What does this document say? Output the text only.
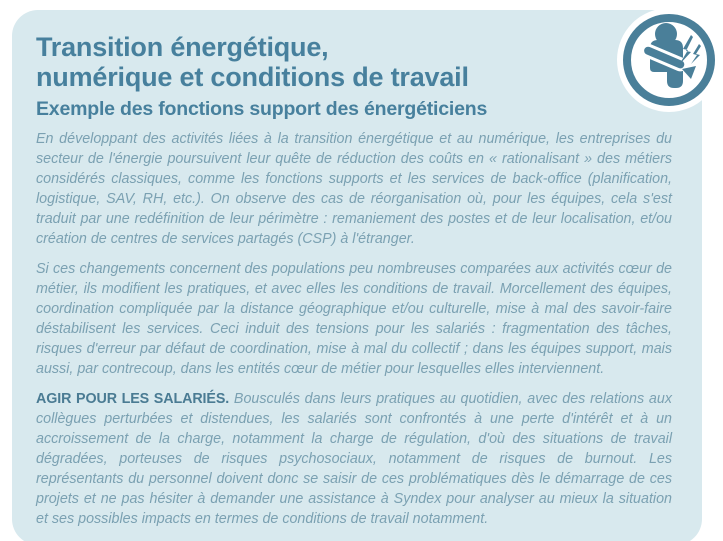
Transition énergétique,
numérique et conditions de travail
Exemple des fonctions support des énergéticiens

En développant des activités liées à la transition énergétique et au numérique, les entreprises du secteur de l'énergie poursuivent leur quête de réduction des coûts en « rationalisant » des métiers considérés classiques, comme les fonctions supports et les services de back-office (planification, logistique, SAV, RH, etc.). On observe des cas de réorganisation où, pour les équipes, cela s'est traduit par une redéfinition de leur périmètre : remaniement des postes et de leur localisation, et/ou création de centres de services partagés (CSP) à l'étranger.

Si ces changements concernent des populations peu nombreuses comparées aux activités cœur de métier, ils modifient les pratiques, et avec elles les conditions de travail. Morcellement des équipes, coordination compliquée par la distance géographique et/ou culturelle, mise à mal des savoir-faire déstabilisent les services. Ceci induit des tensions pour les salariés : fragmentation des tâches, risques d'erreur par défaut de coordination, mise à mal du collectif ; dans les équipes support, mais aussi, par contrecoup, dans les entités cœur de métier pour lesquelles elles interviennent.

AGIR POUR LES SALARIÉS. Bousculés dans leurs pratiques au quotidien, avec des relations aux collègues perturbées et distendues, les salariés sont confrontés à une perte d'intérêt et à un accroissement de la charge, notamment la charge de régulation, d'où des situations de travail dégradées, porteuses de risques psychosociaux, notamment de risques de burnout. Les représentants du personnel doivent donc se saisir de ces problématiques dès le démarrage de ces projets et ne pas hésiter à demander une assistance à Syndex pour analyser au mieux la situation et ses possibles impacts en termes de conditions de travail notamment.
